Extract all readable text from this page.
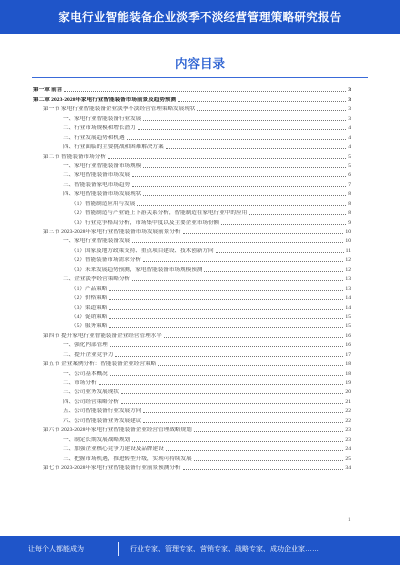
家电行业智能装备企业淡季不淡经营管理策略研究报告
内容目录
第一章 前言	3
第二章 2023-2028年家电行业智能装备市场前景及趋势预测	3
第一节 家电行业智能装备企业淡季不淡经营管理策略发展现状	3
一、家电行业智能装备行业发展	3
二、行业市场规模和增长潜力	4
三、行业发展趋势和机遇	4
四、行业面临的主要挑战和困难解决方案	4
第二节 智能装备市场分析	5
一、家电行业智能装备市场规模	5
二、家电智能装备市场发展	6
三、智能装备家电市场趋势	7
四、家电智能装备市场发展现状	8
（1）智能制造应用与发展	8
（2）智能制造与产业链上下游关系分析，智能制造在家电行业中的应用	8
（3）行业竞争格局分析，市场集中度以及主要企业市场份额	9
第三节 2023-2028年家电行业智能装备市场发展前景分析	10
一、家电行业智能装备发展	10
（1）国家及地方政策支持、重点项目建设、技术创新方向	11
（2）智能装备市场需求分析	12
（3）未来发展趋势预测，家电智能装备市场规模预测	12
二、企业淡季经营策略分析	13
（1）产品策略	13
（2）价格策略	14
（3）渠道策略	14
（4）促销策略	15
（5）服务策略	15
第四节 提升家电行业智能装备企业经营管理水平	16
一、强化内部管理	16
二、提升企业竞争力	17
第五节 企业案例分析：智能装备企业经营策略	18
一、公司基本概况	18
二、市场分析	19
三、公司业务发展现状	20
四、公司经营策略分析	21
五、公司智能装备行业发展方向	22
六、公司智能装备业务发展建议	22
第六节 2023-2028年家电行业智能装备企业经营管理战略规划	23
一、制定长期发展战略规划	23
二、加强企业核心竞争力建设及品牌建设	24
三、把握市场机遇，推进转型升级，实现可持续发展	25
第七节 2023-2028年家电行业智能装备行业前景预测分析	34
1
让每个人都能成为	行业专家、管理专家、营销专家、战略专家、成功企业家……
